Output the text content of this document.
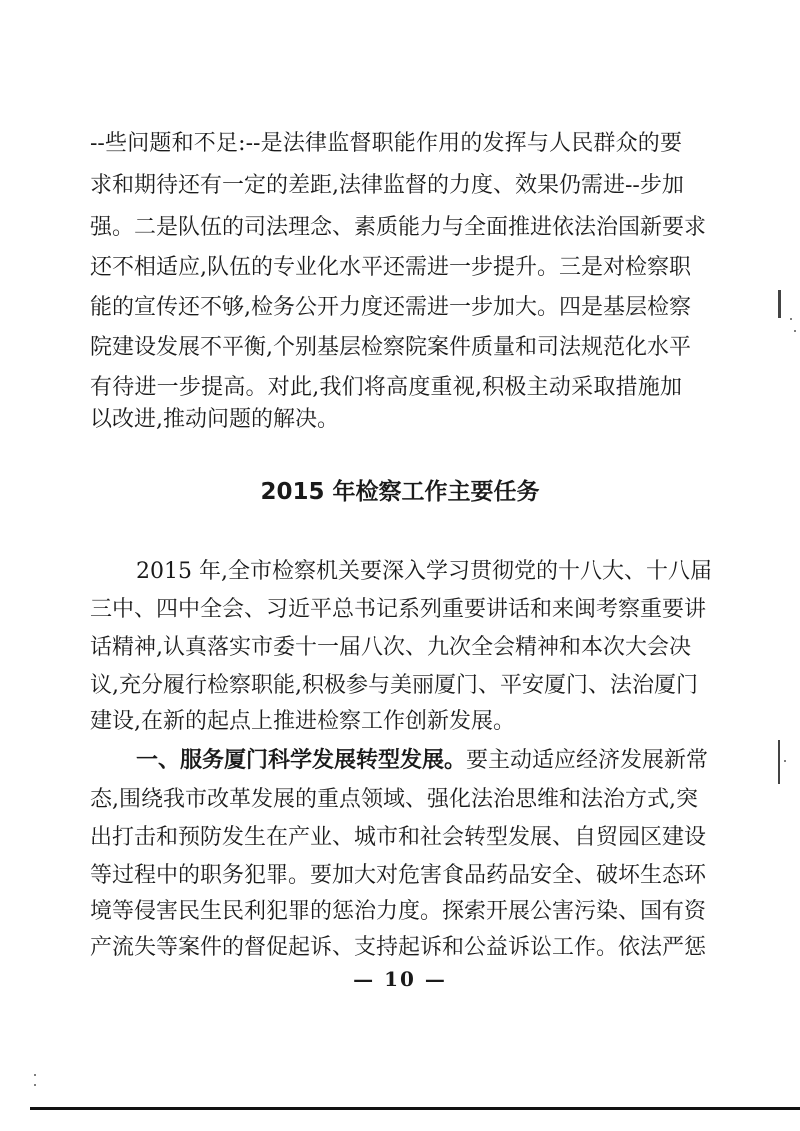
--些问题和不足:--是法律监督职能作用的发挥与人民群众的要
求和期待还有一定的差距,法律监督的力度、效果仍需进--步加
强。二是队伍的司法理念、素质能力与全面推进依法治国新要求
还不相适应,队伍的专业化水平还需进一步提升。三是对检察职
能的宣传还不够,检务公开力度还需进一步加大。四是基层检察
院建设发展不平衡,个别基层检察院案件质量和司法规范化水平
有待进一步提高。对此,我们将高度重视,积极主动采取措施加
以改进,推动问题的解决。
2015 年检察工作主要任务
2015 年,全市检察机关要深入学习贯彻党的十八大、十八届
三中、四中全会、习近平总书记系列重要讲话和来闽考察重要讲
话精神,认真落实市委十一届八次、九次全会精神和本次大会决
议,充分履行检察职能,积极参与美丽厦门、平安厦门、法治厦门
建设,在新的起点上推进检察工作创新发展。
一、服务厦门科学发展转型发展。要主动适应经济发展新常
态,围绕我市改革发展的重点领域、强化法治思维和法治方式,突
出打击和预防发生在产业、城市和社会转型发展、自贸园区建设
等过程中的职务犯罪。要加大对危害食品药品安全、破坏生态环
境等侵害民生民利犯罪的惩治力度。探索开展公害污染、国有资
产流失等案件的督促起诉、支持起诉和公益诉讼工作。依法严惩
— 10 —
